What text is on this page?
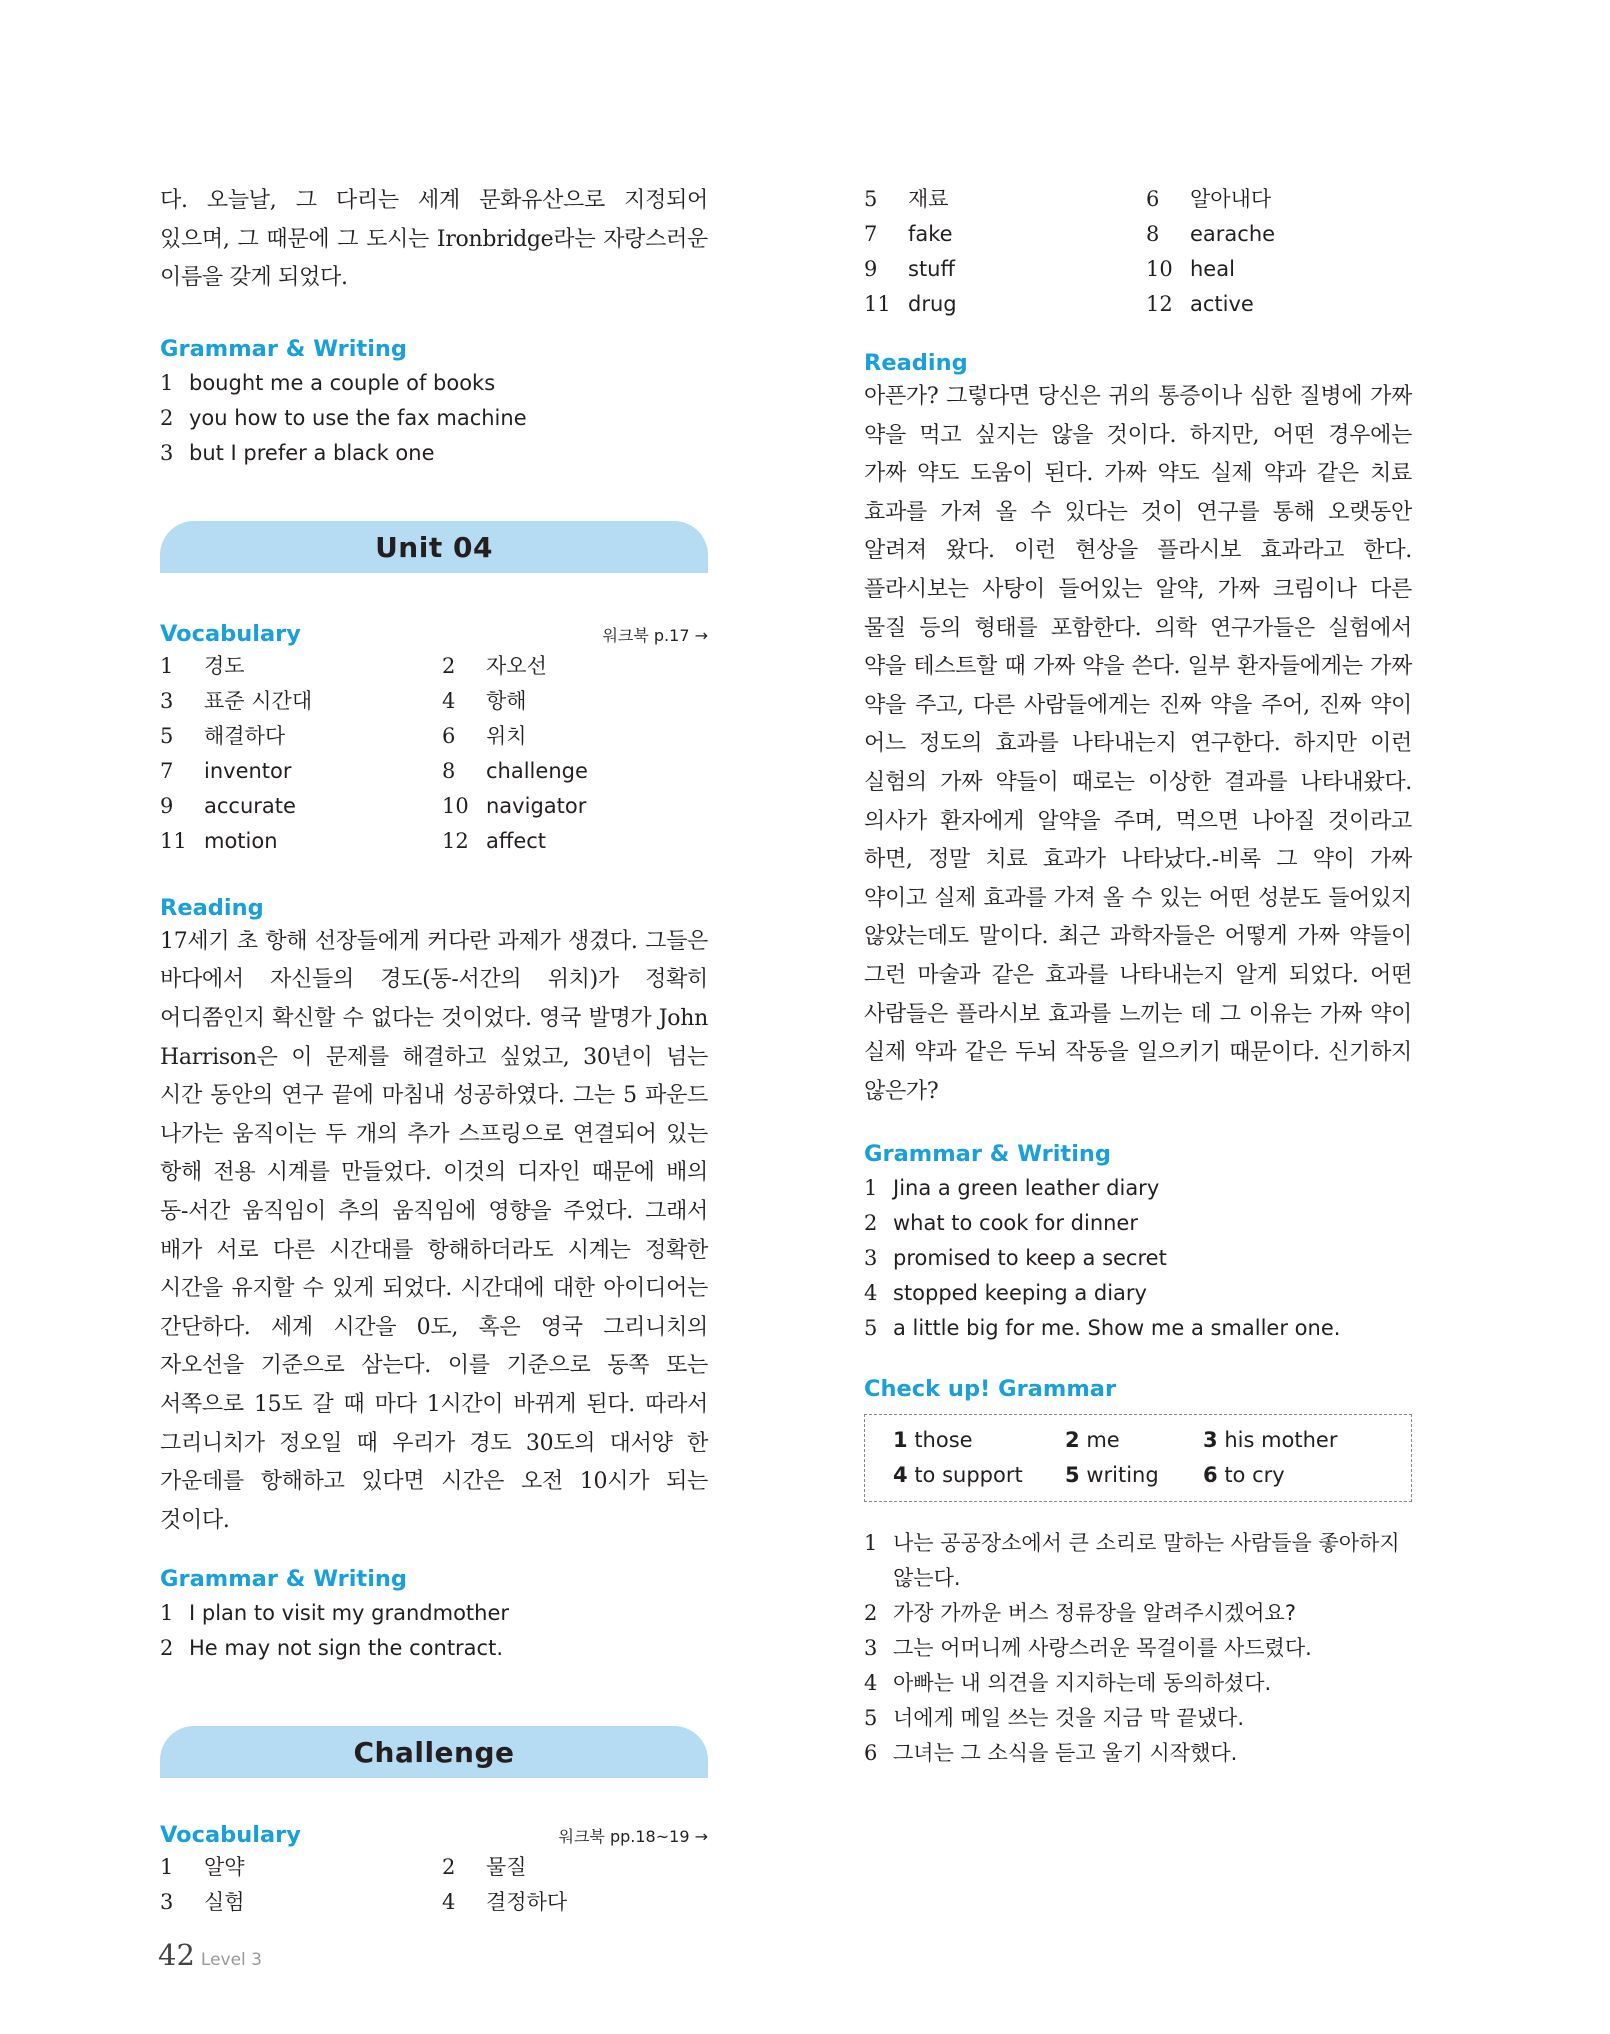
다. 오늘날, 그 다리는 세계 문화유산으로 지정되어 있으며, 그 때문에 그 도시는 Ironbridge라는 자랑스러운 이름을 갖게 되었다.

Grammar & Writing
1 bought me a couple of books
2 you how to use the fax machine
3 but I prefer a black one
Unit 04
Vocabulary	워크북 p.17 →
1	경도	2	자오선
3	표준 시간대	4	항해
5	해결하다	6	위치
7	inventor	8	challenge
9	accurate	10 navigator
11 motion	12 affect
Reading

17세기 초 항해 선장들에게 커다란 과제가 생겼다. 그들은 바다에서 자신들의 경도(동-서간의 위치)가 정확히 어디쯤인지 확신할 수 없다는 것이었다. 영국 발명가 John Harrison은 이 문제를 해결하고 싶었고, 30년이 넘는 시간 동안의 연구 끝에 마침내 성공하였다. 그는 5 파운드 나가는 움직이는 두 개의 추가 스프링으로 연결되어 있는 항해 전용 시계를 만들었다. 이것의 디자인 때문에 배의 동-서간 움직임이 추의 움직임에 영향을 주었다. 그래서 배가 서로 다른 시간대를 항해하더라도 시계는 정확한 시간을 유지할 수 있게 되었다. 시간대에 대한 아이디어는 간단하다. 세계 시간을 0도, 혹은 영국 그리니치의 자오선을 기준으로 삼는다. 이를 기준으로 동쪽 또는 서쪽으로 15도 갈 때 마다 1시간이 바뀌게 된다. 따라서 그리니치가 정오일 때 우리가 경도 30도의 대서양 한 가운데를 항해하고 있다면 시간은 오전 10시가 되는 것이다.

Grammar & Writing
1 I plan to visit my grandmother
2 He may not sign the contract.
Challenge
Vocabulary	워크북 pp.18~19 →
1	알약	2	물질
3	실험	4	결정하다
5	재료	6	알아내다
7	fake	8	earache
9	stuff	10 heal
11 drug	12 active
Reading

아픈가? 그렇다면 당신은 귀의 통증이나 심한 질병에 가짜 약을 먹고 싶지는 않을 것이다. 하지만, 어떤 경우에는 가짜 약도 도움이 된다. 가짜 약도 실제 약과 같은 치료 효과를 가져 올 수 있다는 것이 연구를 통해 오랫동안 알려져 왔다. 이런 현상을 플라시보 효과라고 한다. 플라시보는 사탕이 들어있는 알약, 가짜 크림이나 다른 물질 등의 형태를 포함한다. 의학 연구가들은 실험에서 약을 테스트할 때 가짜 약을 쓴다. 일부 환자들에게는 가짜 약을 주고, 다른 사람들에게는 진짜 약을 주어, 진짜 약이 어느 정도의 효과를 나타내는지 연구한다. 하지만 이런 실험의 가짜 약들이 때로는 이상한 결과를 나타내왔다. 의사가 환자에게 알약을 주며, 먹으면 나아질 것이라고 하면, 정말 치료 효과가 나타났다.-비록 그 약이 가짜 약이고 실제 효과를 가져 올 수 있는 어떤 성분도 들어있지 않았는데도 말이다. 최근 과학자들은 어떻게 가짜 약들이 그런 마술과 같은 효과를 나타내는지 알게 되었다. 어떤 사람들은 플라시보 효과를 느끼는 데 그 이유는 가짜 약이 실제 약과 같은 두뇌 작동을 일으키기 때문이다. 신기하지 않은가?

Grammar & Writing
1 Jina a green leather diary
2 what to cook for dinner
3 promised to keep a secret
4 stopped keeping a diary
5 a little big for me. Show me a smaller one.
Check up! Grammar
1 those	2 me	3 his mother
4 to support	5 writing	6 to cry
1 나는 공공장소에서 큰 소리로 말하는 사람들을 좋아하지 않는다.
2 가장 가까운 버스 정류장을 알려주시겠어요?
3 그는 어머니께 사랑스러운 목걸이를 사드렸다.
4 아빠는 내 의견을 지지하는데 동의하셨다.
5 너에게 메일 쓰는 것을 지금 막 끝냈다.
6 그녀는 그 소식을 듣고 울기 시작했다.
42 Level 3
